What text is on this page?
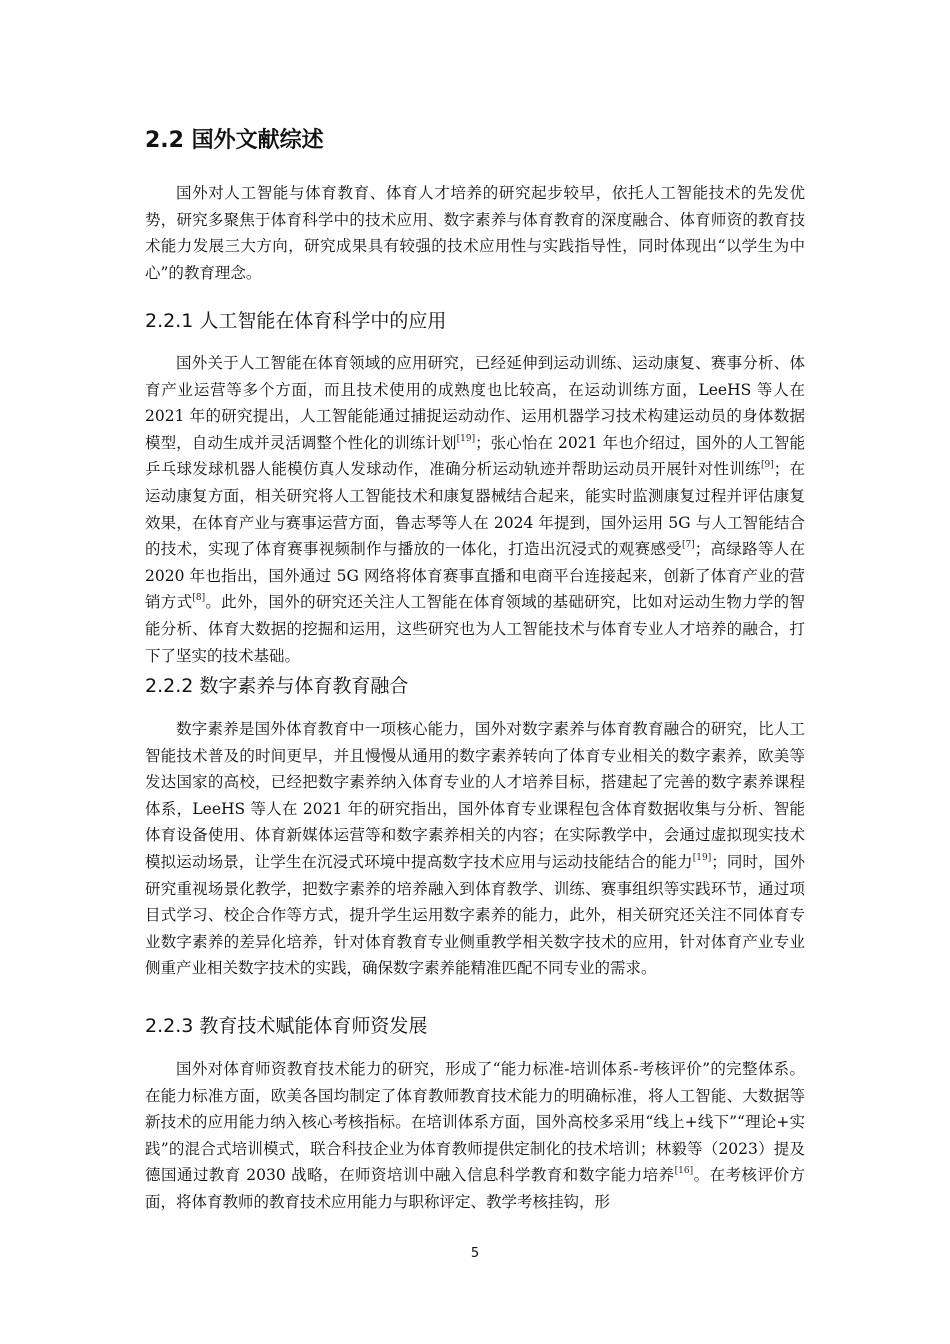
2.2 国外文献综述

国外对人工智能与体育教育、体育人才培养的研究起步较早，依托人工智能技术的先发优势，研究多聚焦于体育科学中的技术应用、数字素养与体育教育的深度融合、体育师资的教育技术能力发展三大方向，研究成果具有较强的技术应用性与实践指导性，同时体现出“以学生为中心”的教育理念。

2.2.1 人工智能在体育科学中的应用

国外关于人工智能在体育领域的应用研究，已经延伸到运动训练、运动康复、赛事分析、体育产业运营等多个方面，而且技术使用的成熟度也比较高，在运动训练方面，LeeHS 等人在 2021 年的研究提出，人工智能能通过捕捉运动动作、运用机器学习技术构建运动员的身体数据模型，自动生成并灵活调整个性化的训练计划[19]；张心怡在 2021 年也介绍过，国外的人工智能乒乓球发球机器人能模仿真人发球动作，准确分析运动轨迹并帮助运动员开展针对性训练[9]；在运动康复方面，相关研究将人工智能技术和康复器械结合起来，能实时监测康复过程并评估康复效果，在体育产业与赛事运营方面，鲁志琴等人在 2024 年提到，国外运用 5G 与人工智能结合的技术，实现了体育赛事视频制作与播放的一体化，打造出沉浸式的观赛感受[7]；高绿路等人在 2020 年也指出，国外通过 5G 网络将体育赛事直播和电商平台连接起来，创新了体育产业的营销方式[8]。此外，国外的研究还关注人工智能在体育领域的基础研究，比如对运动生物力学的智能分析、体育大数据的挖掘和运用，这些研究也为人工智能技术与体育专业人才培养的融合，打下了坚实的技术基础。

2.2.2 数字素养与体育教育融合

数字素养是国外体育教育中一项核心能力，国外对数字素养与体育教育融合的研究，比人工智能技术普及的时间更早，并且慢慢从通用的数字素养转向了体育专业相关的数字素养，欧美等发达国家的高校，已经把数字素养纳入体育专业的人才培养目标，搭建起了完善的数字素养课程体系，LeeHS 等人在 2021 年的研究指出，国外体育专业课程包含体育数据收集与分析、智能体育设备使用、体育新媒体运营等和数字素养相关的内容；在实际教学中，会通过虚拟现实技术模拟运动场景，让学生在沉浸式环境中提高数字技术应用与运动技能结合的能力[19]；同时，国外研究重视场景化教学，把数字素养的培养融入到体育教学、训练、赛事组织等实践环节，通过项目式学习、校企合作等方式，提升学生运用数字素养的能力，此外，相关研究还关注不同体育专业数字素养的差异化培养，针对体育教育专业侧重教学相关数字技术的应用，针对体育产业专业侧重产业相关数字技术的实践，确保数字素养能精准匹配不同专业的需求。

2.2.3 教育技术赋能体育师资发展

国外对体育师资教育技术能力的研究，形成了“能力标准-培训体系-考核评价”的完整体系。在能力标准方面，欧美各国均制定了体育教师教育技术能力的明确标准，将人工智能、大数据等新技术的应用能力纳入核心考核指标。在培训体系方面，国外高校多采用“线上+线下”“理论+实践”的混合式培训模式，联合科技企业为体育教师提供定制化的技术培训；林毅等（2023）提及德国通过教育 2030 战略，在师资培训中融入信息科学教育和数字能力培养[16]。在考核评价方面，将体育教师的教育技术应用能力与职称评定、教学考核挂钩，形

5
